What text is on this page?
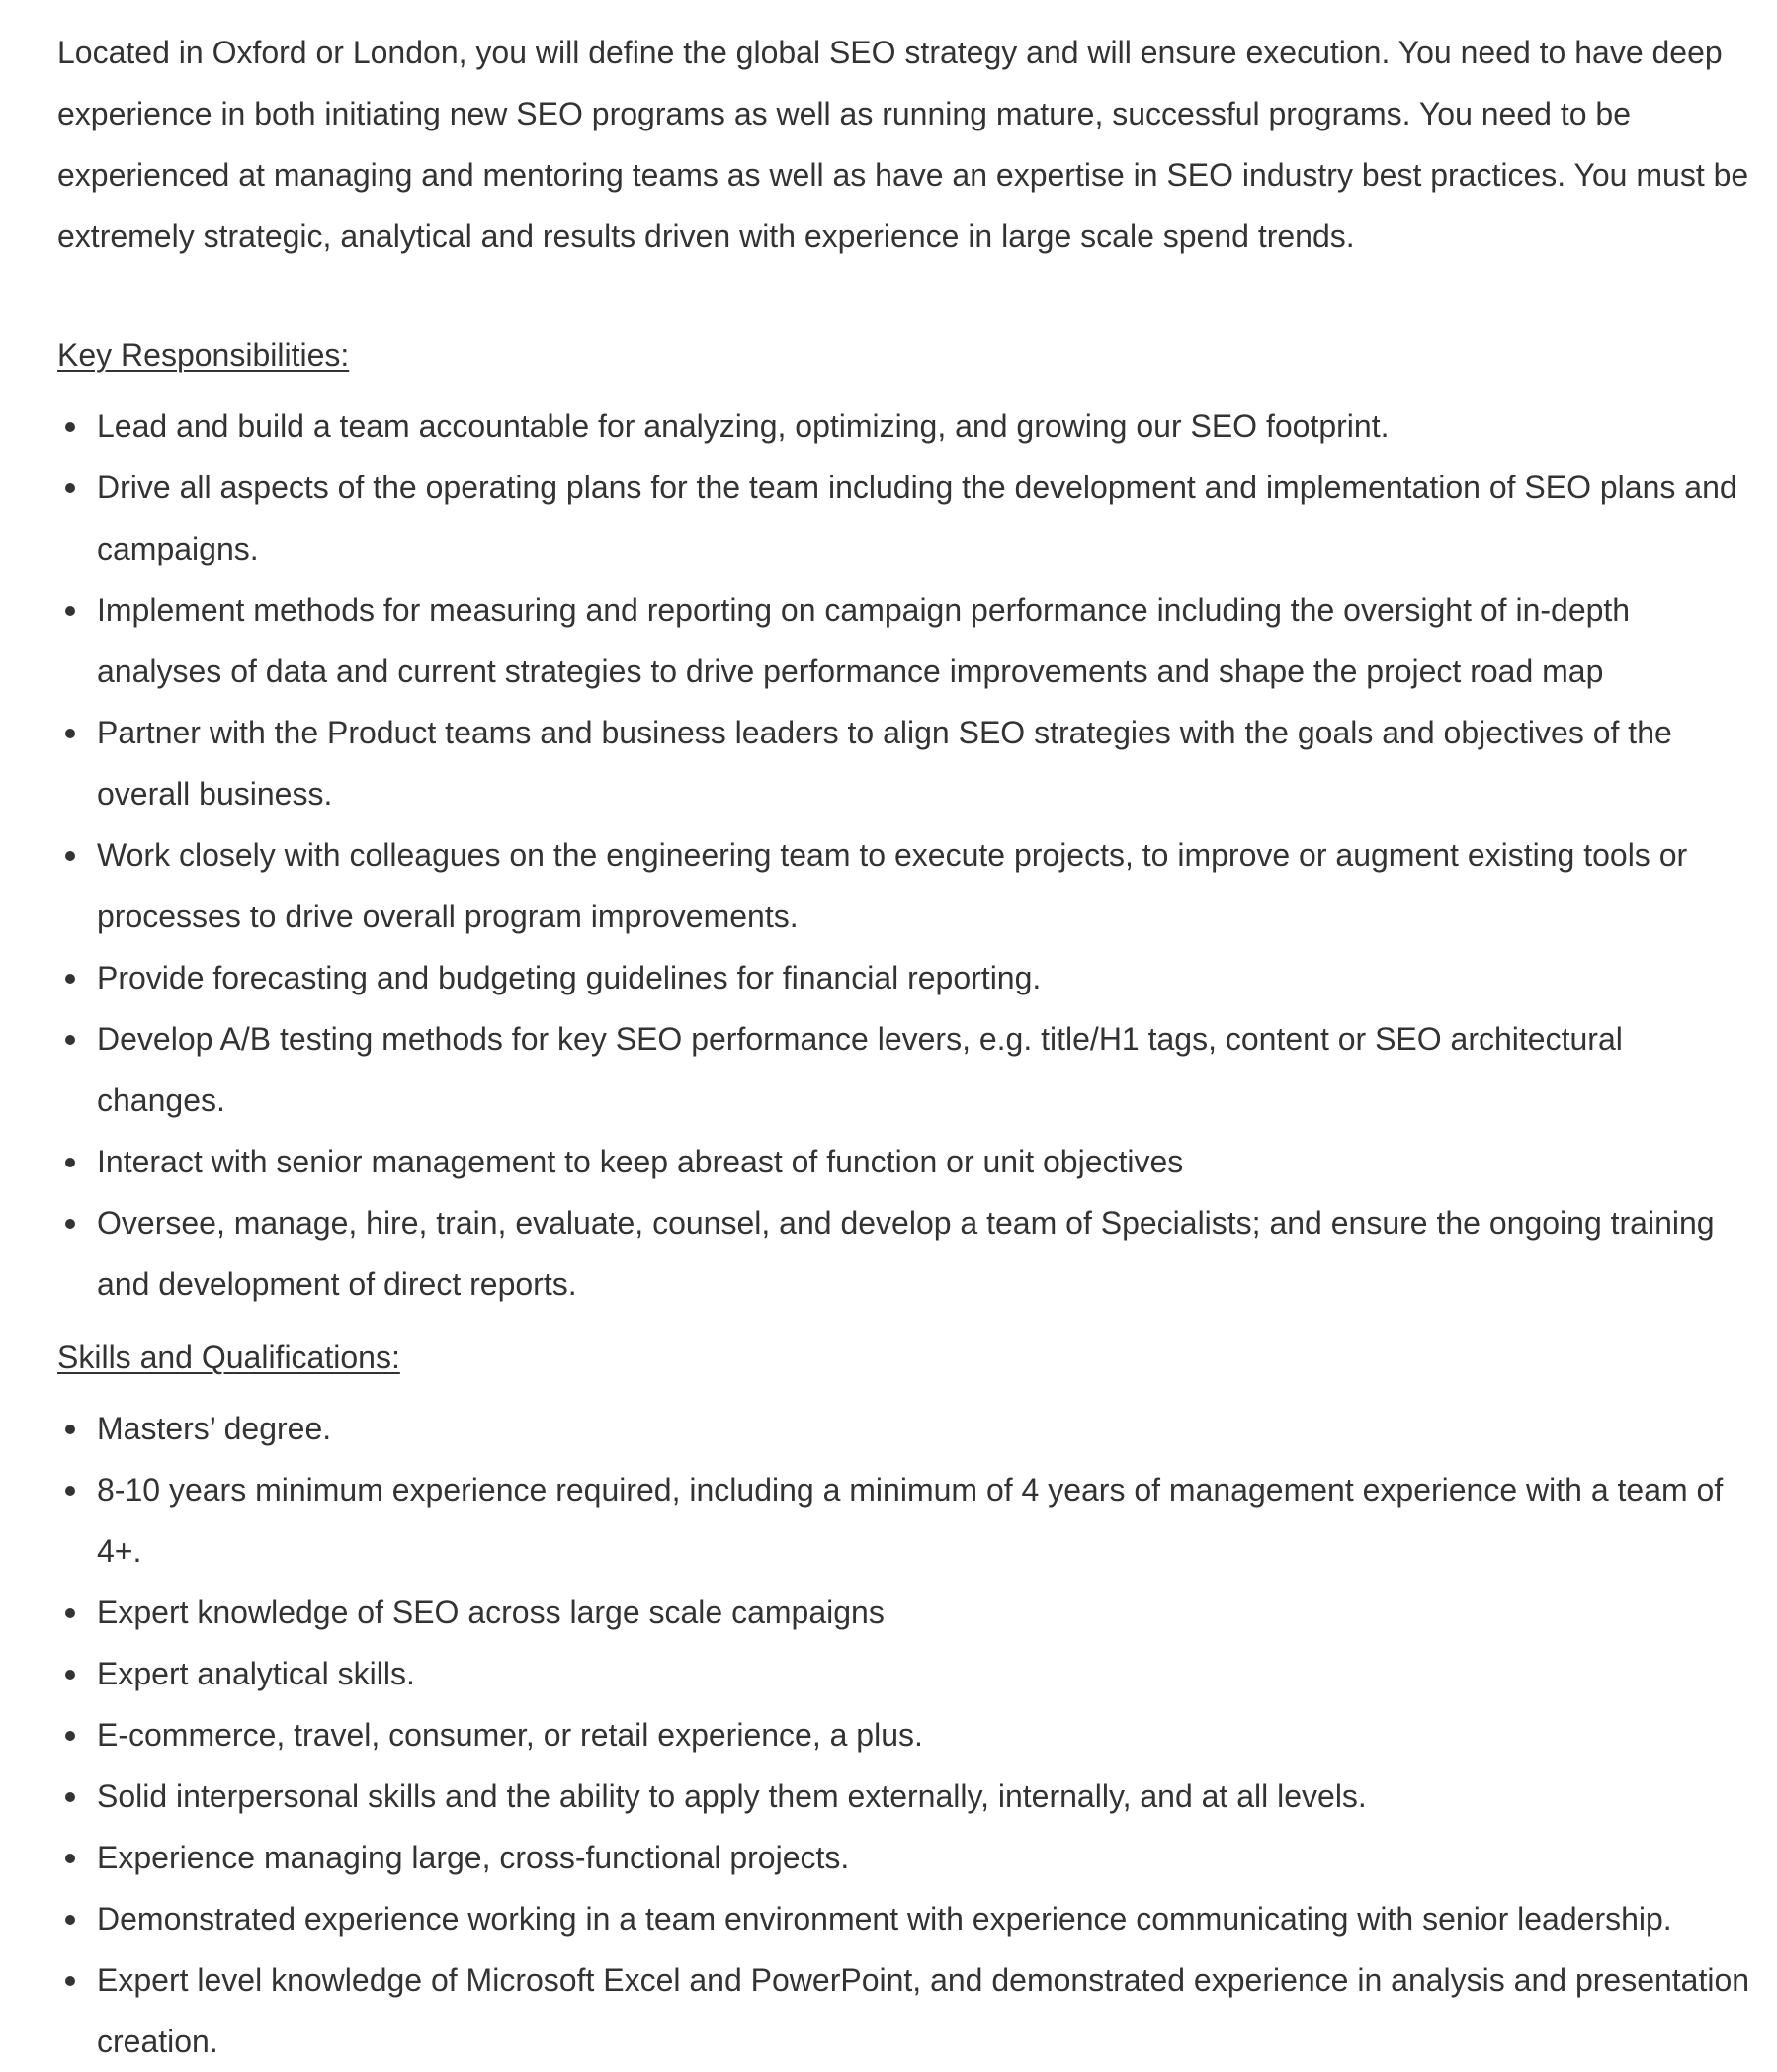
Located in Oxford or London, you will define the global SEO strategy and will ensure execution. You need to have deep experience in both initiating new SEO programs as well as running mature, successful programs. You need to be experienced at managing and mentoring teams as well as have an expertise in SEO industry best practices. You must be extremely strategic, analytical and results driven with experience in large scale spend trends.

Key Responsibilities:
Lead and build a team accountable for analyzing, optimizing, and growing our SEO footprint.
Drive all aspects of the operating plans for the team including the development and implementation of SEO plans and campaigns.
Implement methods for measuring and reporting on campaign performance including the oversight of in-depth analyses of data and current strategies to drive performance improvements and shape the project road map
Partner with the Product teams and business leaders to align SEO strategies with the goals and objectives of the overall business.
Work closely with colleagues on the engineering team to execute projects, to improve or augment existing tools or processes to drive overall program improvements.
Provide forecasting and budgeting guidelines for financial reporting.
Develop A/B testing methods for key SEO performance levers, e.g. title/H1 tags, content or SEO architectural changes.
Interact with senior management to keep abreast of function or unit objectives
Oversee, manage, hire, train, evaluate, counsel, and develop a team of Specialists; and ensure the ongoing training and development of direct reports.
Skills and Qualifications:
Masters’ degree.
8-10 years minimum experience required, including a minimum of 4 years of management experience with a team of 4+.
Expert knowledge of SEO across large scale campaigns
Expert analytical skills.
E-commerce, travel, consumer, or retail experience, a plus.
Solid interpersonal skills and the ability to apply them externally, internally, and at all levels.
Experience managing large, cross-functional projects.
Demonstrated experience working in a team environment with experience communicating with senior leadership.
Expert level knowledge of Microsoft Excel and PowerPoint, and demonstrated experience in analysis and presentation creation.
